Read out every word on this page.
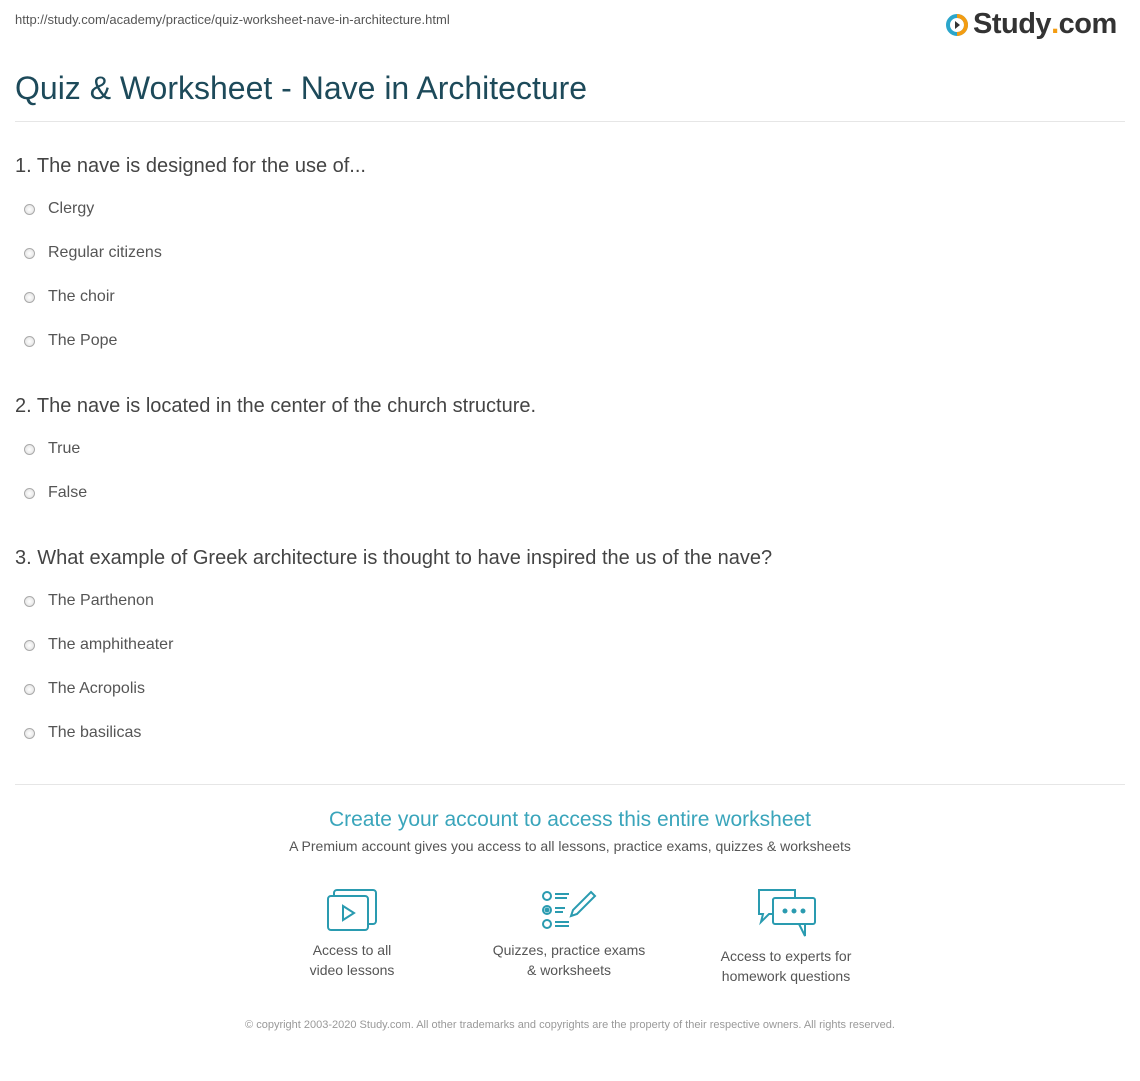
http://study.com/academy/practice/quiz-worksheet-nave-in-architecture.html	Study . com
Quiz & Worksheet - Nave in Architecture
1. The nave is designed for the use of...
Clergy
Regular citizens
The choir
The Pope
2. The nave is located in the center of the church structure.
True
False
3. What example of Greek architecture is thought to have inspired the us of the nave?
The Parthenon
The amphitheater
The Acropolis
The basilicas
Create your account to access this entire worksheet
A Premium account gives you access to all lessons, practice exams, quizzes & worksheets
Access to all
video lessons
Quizzes, practice exams
& worksheets
Access to experts for
homework questions
© copyright 2003-2020 Study.com. All other trademarks and copyrights are the property of their respective owners. All rights reserved.
